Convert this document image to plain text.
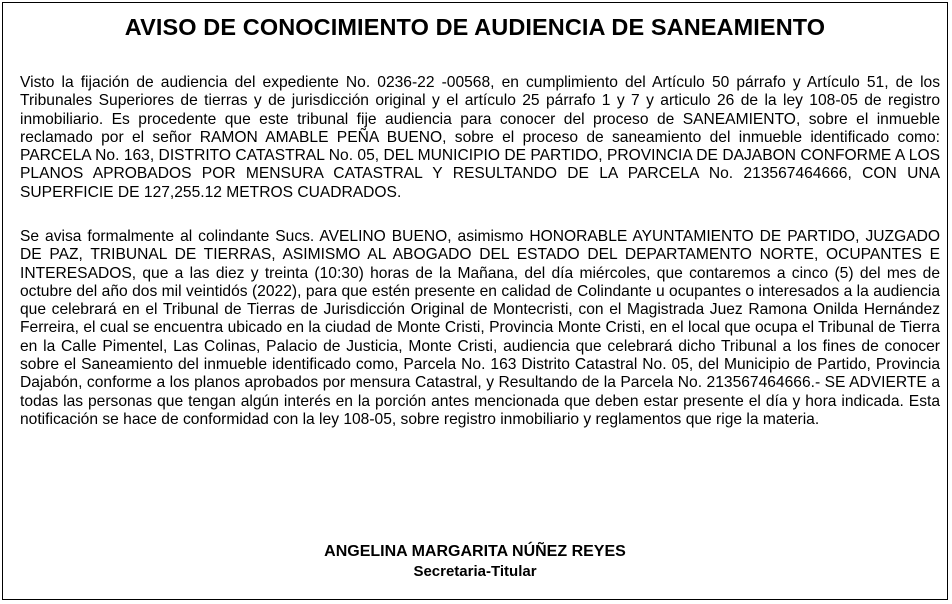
AVISO DE CONOCIMIENTO DE AUDIENCIA DE SANEAMIENTO
Visto la fijación de audiencia del expediente No. 0236-22 -00568, en cumplimiento del Artículo 50 párrafo y Artículo 51, de los Tribunales Superiores de tierras y de jurisdicción original y el artículo 25 párrafo 1 y 7 y articulo 26 de la ley 108-05 de registro inmobiliario. Es procedente que este tribunal fije audiencia para conocer del proceso de SANEAMIENTO, sobre el inmueble reclamado por el señor RAMON AMABLE PEÑA BUENO, sobre el proceso de saneamiento del inmueble identificado como: PARCELA No. 163, DISTRITO CATASTRAL No. 05, DEL MUNICIPIO DE PARTIDO, PROVINCIA DE DAJABON CONFORME A LOS PLANOS APROBADOS POR MENSURA CATASTRAL Y RESULTANDO DE LA PARCELA No. 213567464666, CON UNA SUPERFICIE DE 127,255.12 METROS CUADRADOS.
Se avisa formalmente al colindante Sucs. AVELINO BUENO, asimismo HONORABLE AYUNTAMIENTO DE PARTIDO, JUZGADO DE PAZ, TRIBUNAL DE TIERRAS, ASIMISMO AL ABOGADO DEL ESTADO DEL DEPARTAMENTO NORTE, OCUPANTES E INTERESADOS, que a las diez y treinta (10:30) horas de la Mañana, del día miércoles, que contaremos a cinco (5) del mes de octubre del año dos mil veintidós (2022), para que estén presente en calidad de Colindante u ocupantes o interesados a la audiencia que celebrará en el Tribunal de Tierras de Jurisdicción Original de Montecristi, con el Magistrada Juez Ramona Onilda Hernández Ferreira, el cual se encuentra ubicado en la ciudad de Monte Cristi, Provincia Monte Cristi, en el local que ocupa el Tribunal de Tierra en la Calle Pimentel, Las Colinas, Palacio de Justicia, Monte Cristi, audiencia que celebrará dicho Tribunal a los fines de conocer sobre el Saneamiento del inmueble identificado como, Parcela No. 163 Distrito Catastral No. 05, del Municipio de Partido, Provincia Dajabón, conforme a los planos aprobados por mensura Catastral, y Resultando de la Parcela No. 213567464666.- SE ADVIERTE a todas las personas que tengan algún interés en la porción antes mencionada que deben estar presente el día y hora indicada. Esta notificación se hace de conformidad con la ley 108-05, sobre registro inmobiliario y reglamentos que rige la materia.
ANGELINA MARGARITA NÚÑEZ REYES
Secretaria-Titular
